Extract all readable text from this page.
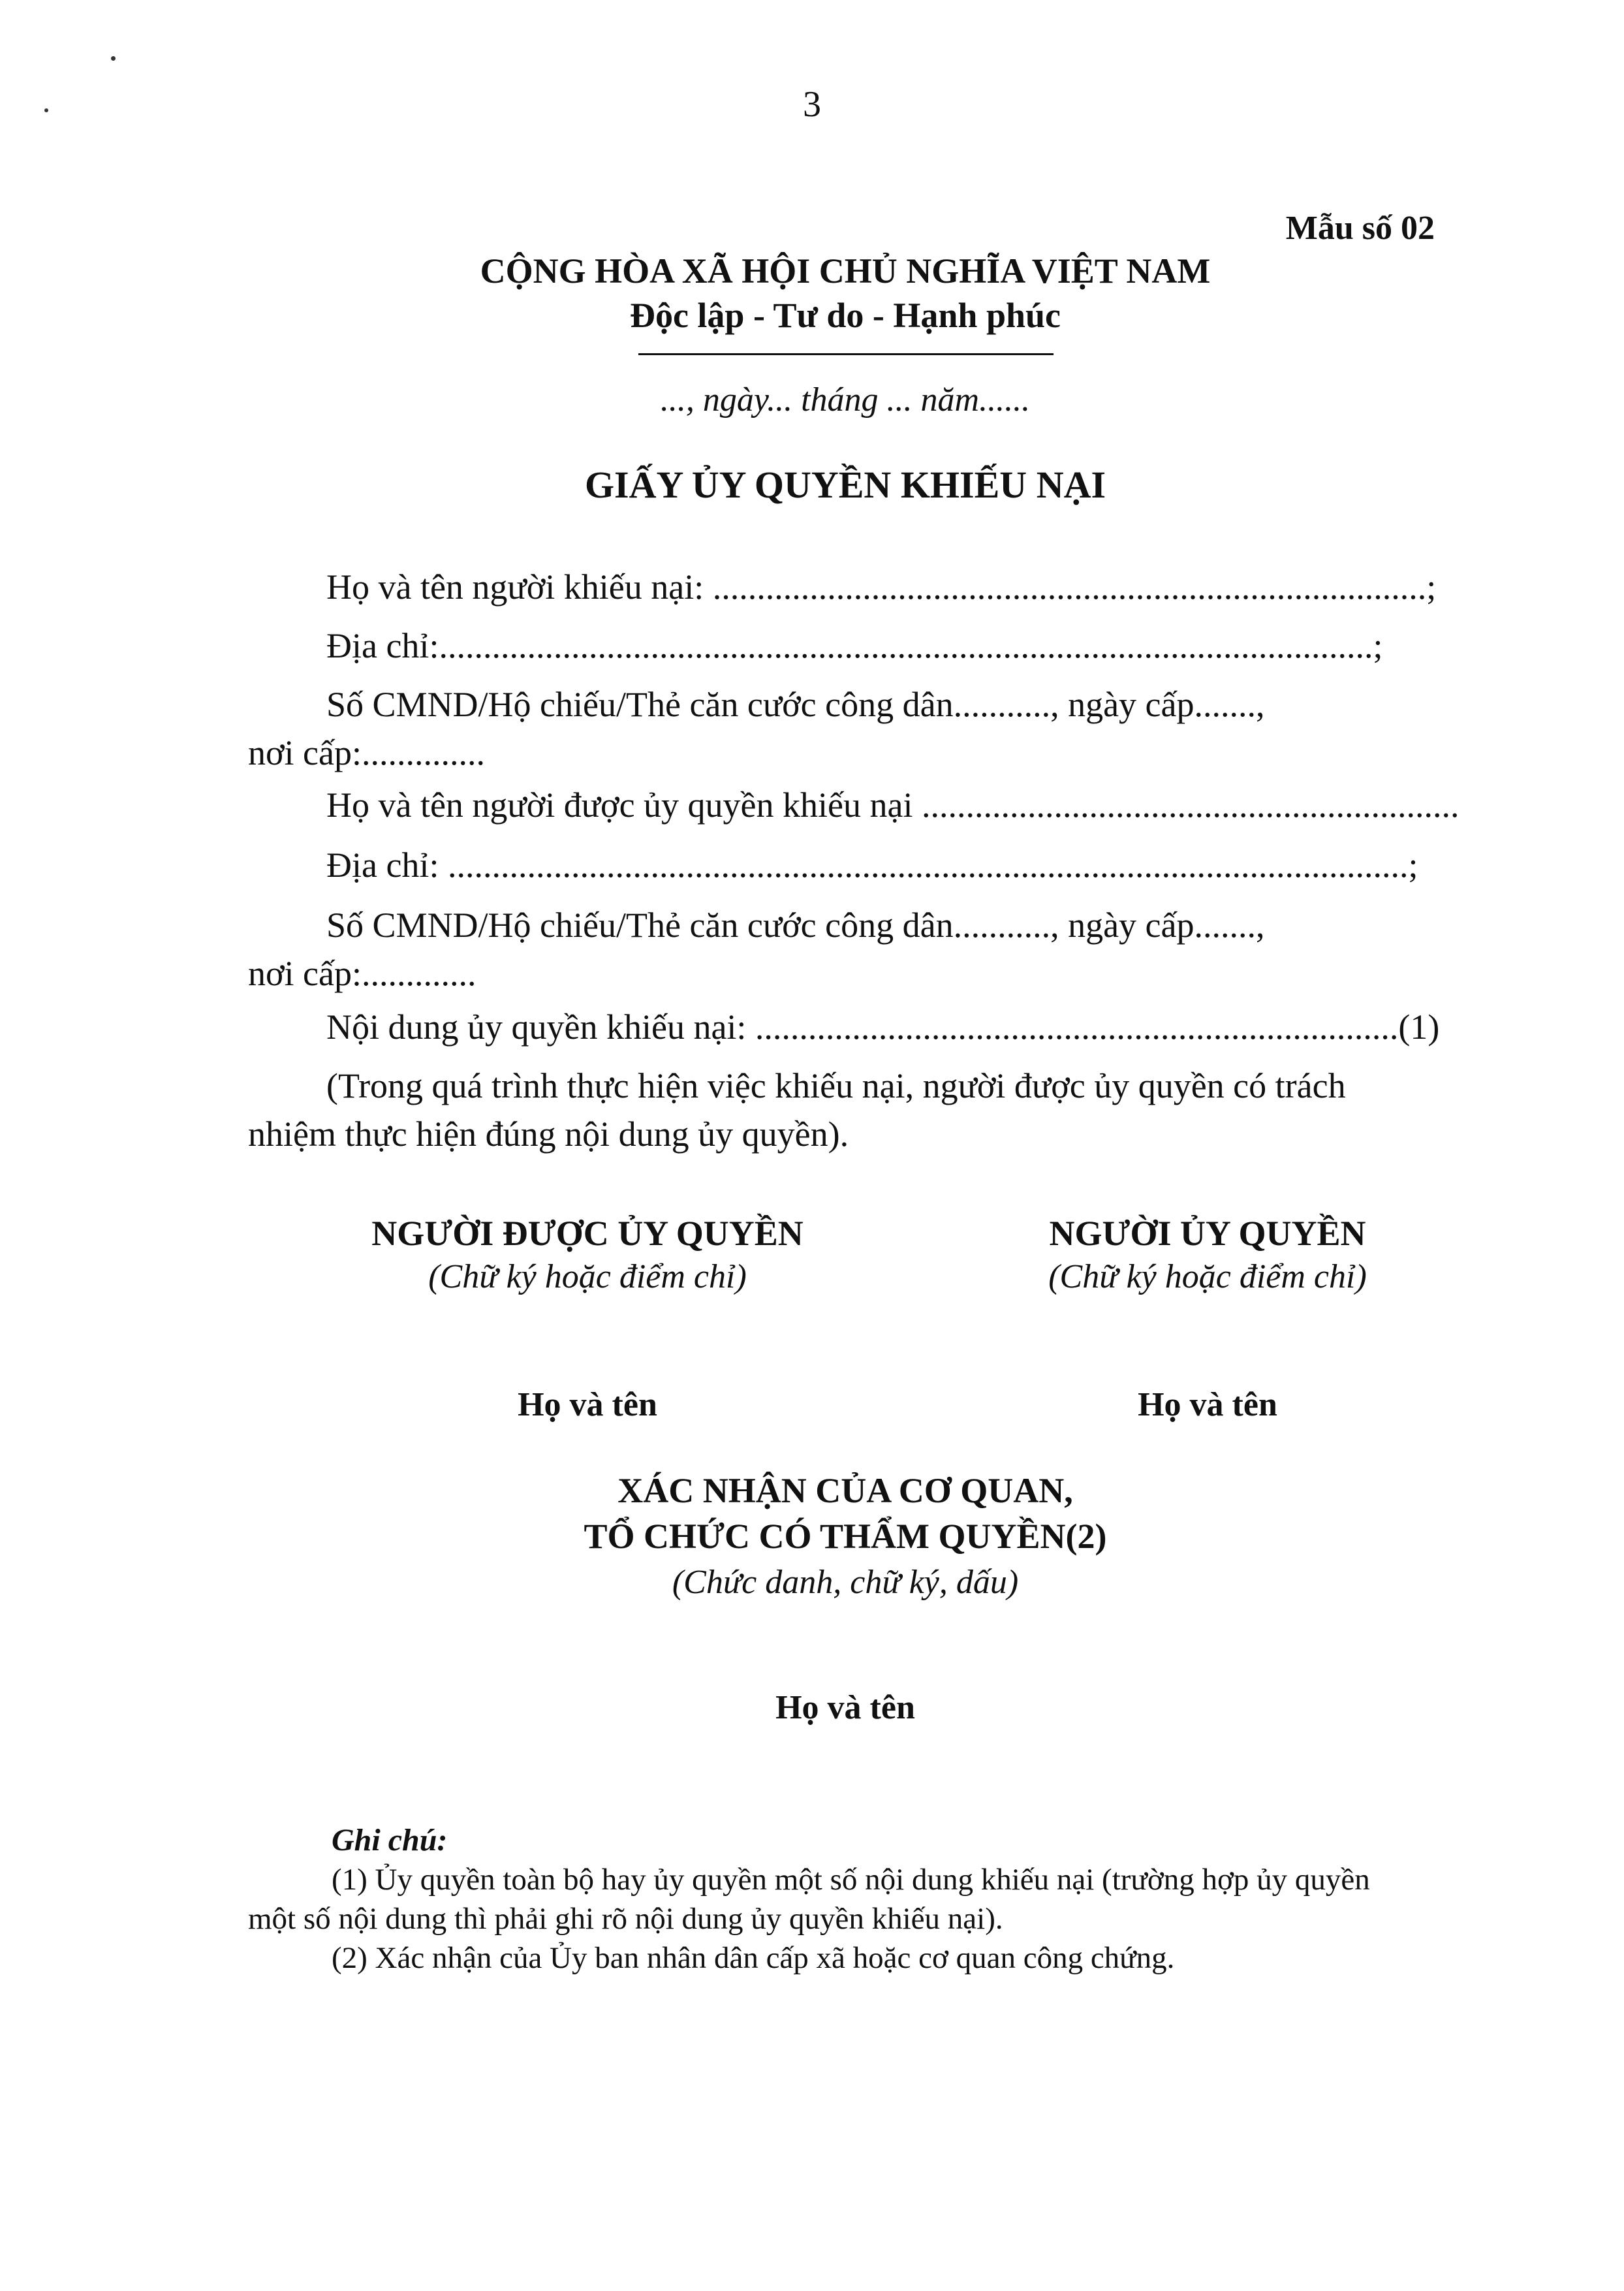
3
Mẫu số 02
CỘNG HÒA XÃ HỘI CHỦ NGHĨA VIỆT NAM
Độc lập - Tư do - Hạnh phúc
..., ngày... tháng ... năm......
GIẤY ỦY QUYỀN KHIẾU NẠI
Họ và tên người khiếu nại: .................................................................................;
Địa chỉ:..........................................................................................................;
Số CMND/Hộ chiếu/Thẻ căn cước công dân..........., ngày cấp.......,
nơi cấp:..............
Họ và tên người được ủy quyền khiếu nại .............................................................
Địa chỉ: .............................................................................................................;
Số CMND/Hộ chiếu/Thẻ căn cước công dân..........., ngày cấp.......,
nơi cấp:.............
Nội dung ủy quyền khiếu nại: .........................................................................(1)
(Trong quá trình thực hiện việc khiếu nại, người được ủy quyền có trách
nhiệm thực hiện đúng nội dung ủy quyền).
NGƯỜI ĐƯỢC ỦY QUYỀN
(Chữ ký hoặc điểm chỉ)
NGƯỜI ỦY QUYỀN
(Chữ ký hoặc điểm chỉ)
Họ và tên	Họ và tên
XÁC NHẬN CỦA CƠ QUAN,
TỔ CHỨC CÓ THẨM QUYỀN(2)
(Chức danh, chữ ký, dấu)
Họ và tên
Ghi chú:
(1) Ủy quyền toàn bộ hay ủy quyền một số nội dung khiếu nại (trường hợp ủy quyền
một số nội dung thì phải ghi rõ nội dung ủy quyền khiếu nại).
(2) Xác nhận của Ủy ban nhân dân cấp xã hoặc cơ quan công chứng.
